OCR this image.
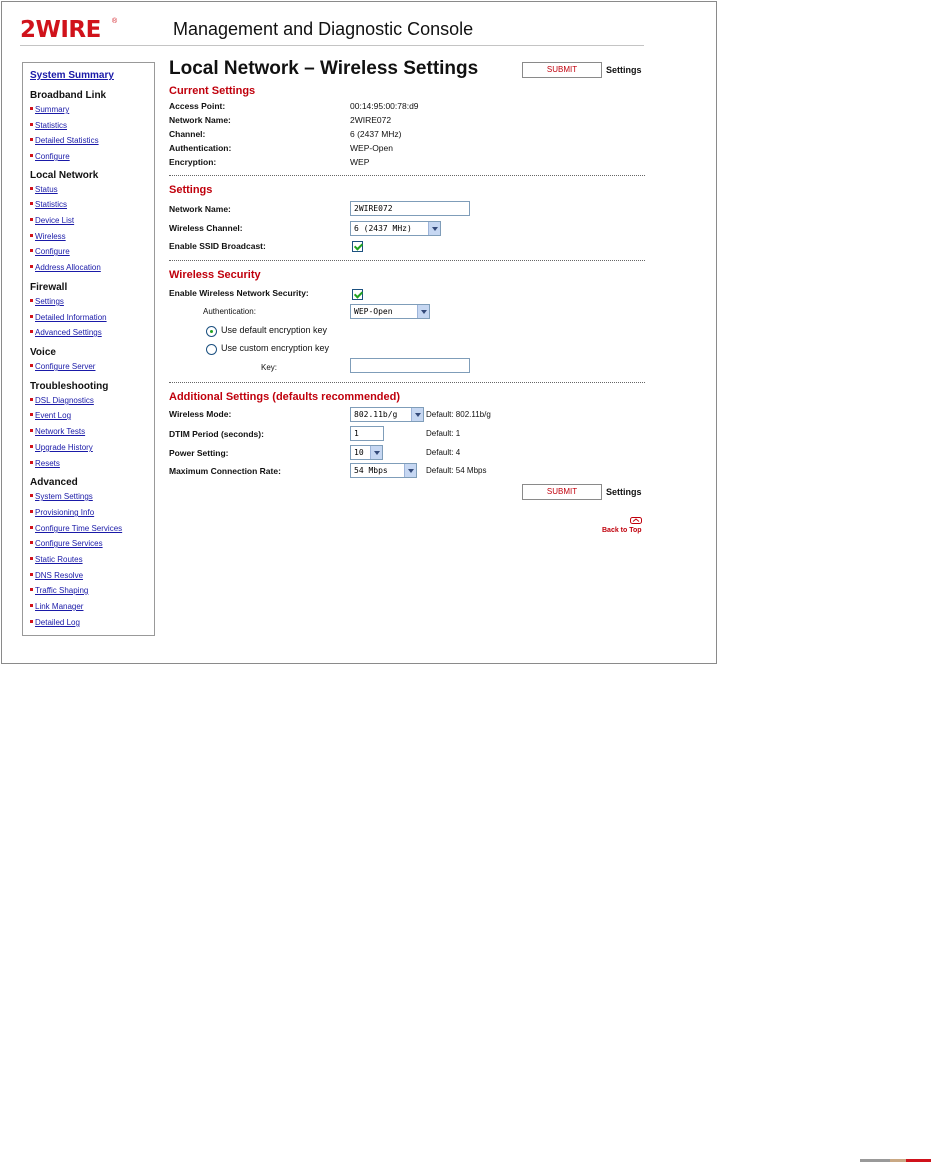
2WIRE ®	Management and Diagnostic Console
System Summary
Broadband Link
Summary
Statistics
Detailed Statistics
Configure
Local Network
Status
Statistics
Device List
Wireless
Configure
Address Allocation
Firewall
Settings
Detailed Information
Advanced Settings
Voice
Configure Server
Troubleshooting
DSL Diagnostics
Event Log
Network Tests
Upgrade History
Resets
Advanced
System Settings
Provisioning Info
Configure Time Services
Configure Services
Static Routes
DNS Resolve
Traffic Shaping
Link Manager
Detailed Log
Local Network – Wireless Settings	SUBMIT	Settings
Current Settings
Access Point:	00:14:95:00:78:d9
Network Name:	2WIRE072
Channel:	6 (2437 MHz)
Authentication:	WEP-Open
Encryption:	WEP
Settings
Network Name:	2WIRE072
Wireless Channel:	6 (2437 MHz)
Enable SSID Broadcast:
Wireless Security
Enable Wireless Network Security:
Authentication:	WEP-Open
Use default encryption key
Use custom encryption key
Key:
Additional Settings (defaults recommended)
Wireless Mode:	802.11b/g	Default: 802.11b/g
DTIM Period (seconds):	1	Default: 1
Power Setting:	10	Default: 4
Maximum Connection Rate:	54 Mbps	Default: 54 Mbps
SUBMIT	Settings
Back to Top
